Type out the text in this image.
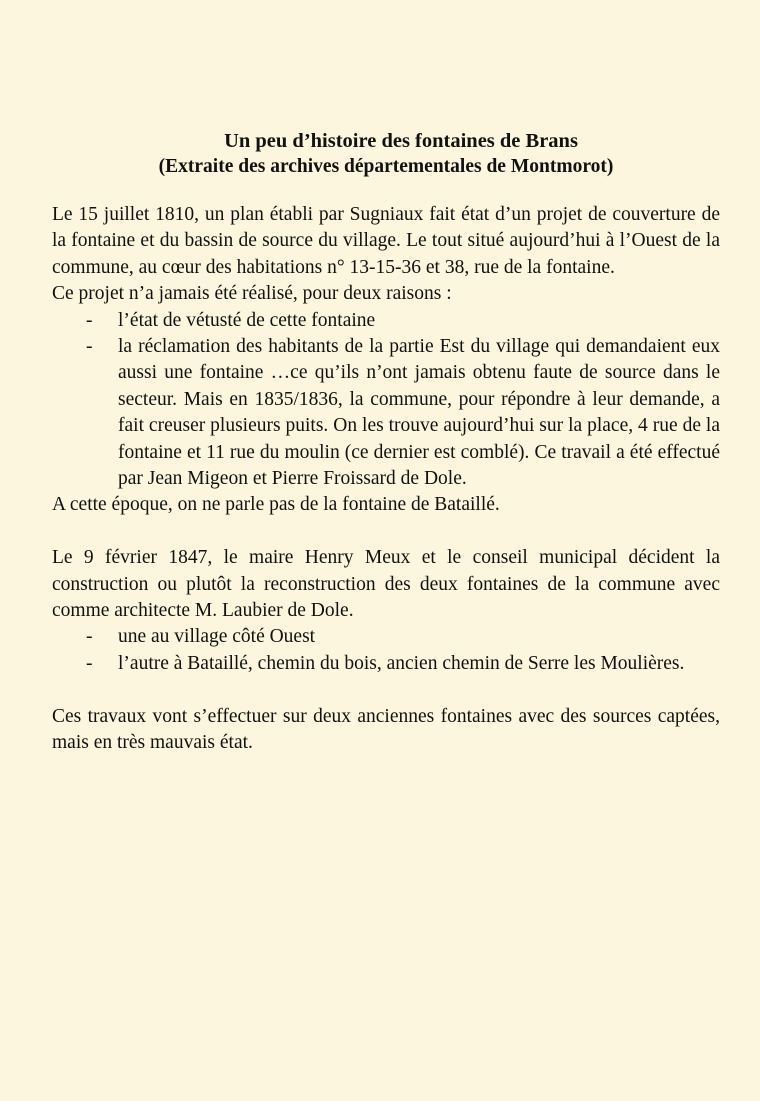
Un peu d’histoire des fontaines de Brans
(Extraite des archives départementales de Montmorot)

Le 15 juillet 1810, un plan établi par Sugniaux fait état d’un projet de couverture de la fontaine et du bassin de source du village. Le tout situé aujourd’hui à l’Ouest de la commune, au cœur des habitations n° 13-15-36 et 38, rue de la fontaine.

Ce projet n’a jamais été réalisé, pour deux raisons :

- l’état de vétusté de cette fontaine
- la réclamation des habitants de la partie Est du village qui demandaient eux aussi une fontaine …ce qu’ils n’ont jamais obtenu faute de source dans le secteur. Mais en 1835/1836, la commune, pour répondre à leur demande, a fait creuser plusieurs puits. On les trouve aujourd’hui sur la place, 4 rue de la fontaine et 11 rue du moulin (ce dernier est comblé). Ce travail a été effectué par Jean Migeon et Pierre Froissard de Dole.

A cette époque, on ne parle pas de la fontaine de Bataillé.

Le 9 février 1847, le maire Henry Meux et le conseil municipal décident la construction ou plutôt la reconstruction des deux fontaines de la commune avec comme architecte M. Laubier de Dole.

- une au village côté Ouest
- l’autre à Bataillé, chemin du bois, ancien chemin de Serre les Moulières.

Ces travaux vont s’effectuer sur deux anciennes fontaines avec des sources captées, mais en très mauvais état.
